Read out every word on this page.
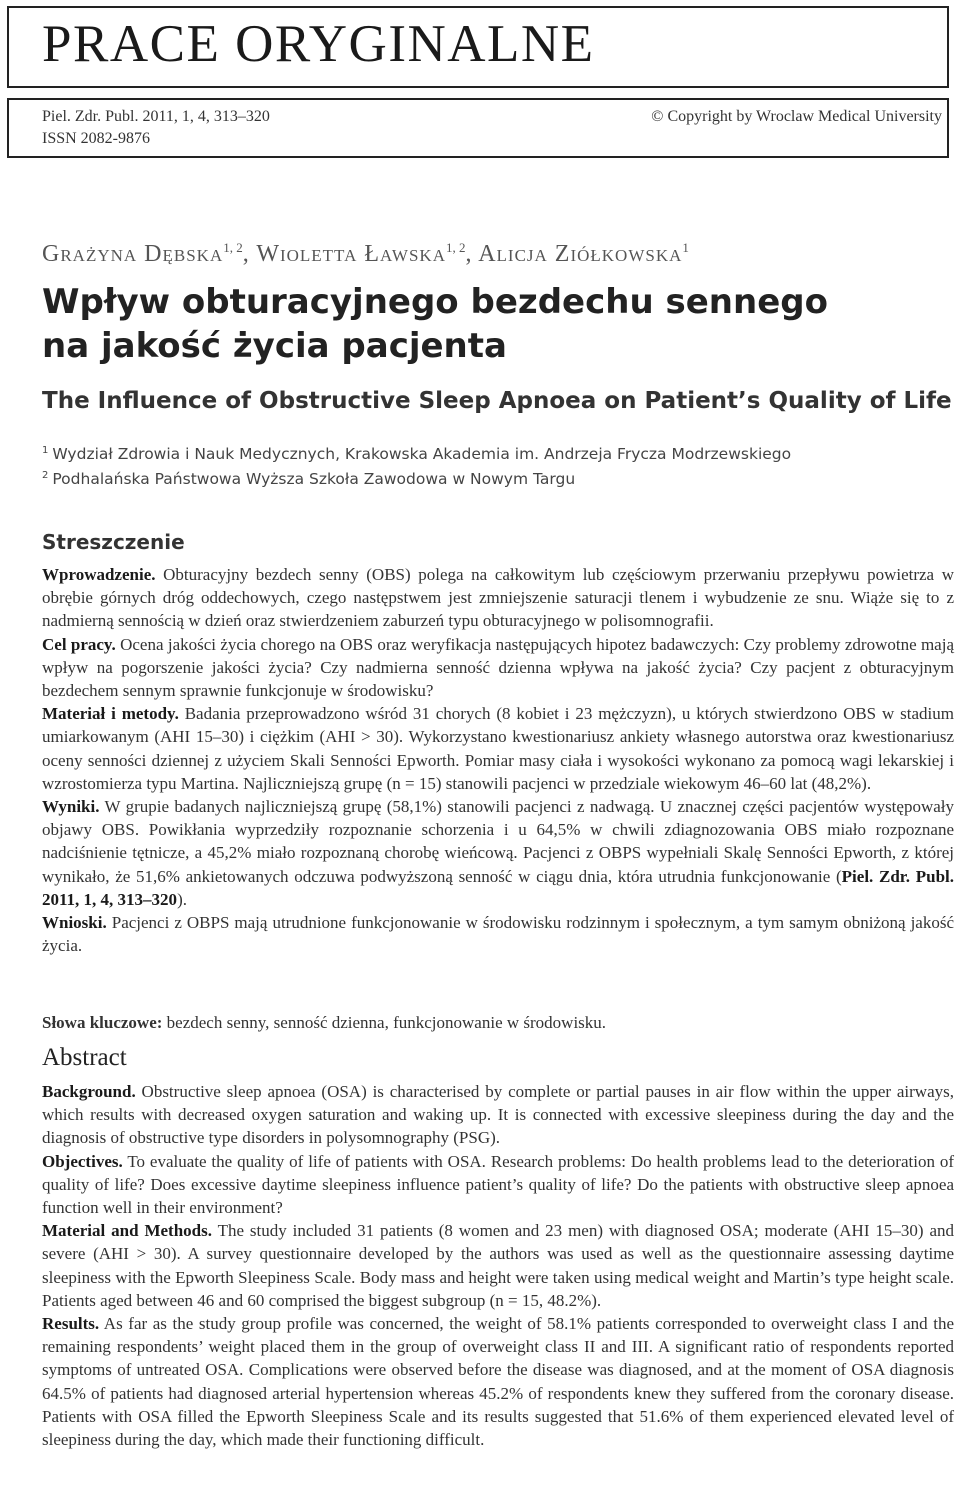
PRACE ORYGINALNE
Piel. Zdr. Publ. 2011, 1, 4, 313–320
ISSN 2082-9876
© Copyright by Wroclaw Medical University
Grażyna Dębska$^{1, 2}$, Wioletta Ławska$^{1, 2}$, Alicja Ziółkowska$^1$
Wpływ obturacyjnego bezdechu sennego
na jakość życia pacjenta
The Influence of Obstructive Sleep Apnoea on Patient’s Quality of Life
$^1$ Wydział Zdrowia i Nauk Medycznych, Krakowska Akademia im. Andrzeja Frycza Modrzewskiego
$^2$ Podhalańska Państwowa Wyższa Szkoła Zawodowa w Nowym Targu
Streszczenie

Wprowadzenie. Obturacyjny bezdech senny (OBS) polega na całkowitym lub częściowym przerwaniu przepływu powietrza w obrębie górnych dróg oddechowych, czego następstwem jest zmniejszenie saturacji tlenem i wybudzenie ze snu. Wiąże się to z nadmierną sennością w dzień oraz stwierdzeniem zaburzeń typu obturacyjnego w polisomnografii.

Cel pracy. Ocena jakości życia chorego na OBS oraz weryfikacja następujących hipotez badawczych: Czy problemy zdrowotne mają wpływ na pogorszenie jakości życia? Czy nadmierna senność dzienna wpływa na jakość życia? Czy pacjent z obturacyjnym bezdechem sennym sprawnie funkcjonuje w środowisku?

Materiał i metody. Badania przeprowadzono wśród 31 chorych (8 kobiet i 23 mężczyzn), u których stwierdzono OBS w stadium umiarkowanym (AHI 15–30) i ciężkim (AHI > 30). Wykorzystano kwestionariusz ankiety własnego autorstwa oraz kwestionariusz oceny senności dziennej z użyciem Skali Senności Epworth. Pomiar masy ciała i wysokości wykonano za pomocą wagi lekarskiej i wzrostomierza typu Martina. Najliczniejszą grupę (n = 15) stanowili pacjenci w przedziale wiekowym 46–60 lat (48,2%).

Wyniki. W grupie badanych najliczniejszą grupę (58,1%) stanowili pacjenci z nadwagą. U znacznej części pacjentów występowały objawy OBS. Powikłania wyprzedziły rozpoznanie schorzenia i u 64,5% w chwili zdiagnozowania OBS miało rozpoznane nadciśnienie tętnicze, a 45,2% miało rozpoznaną chorobę wieńcową. Pacjenci z OBPS wypełniali Skalę Senności Epworth, z której wynikało, że 51,6% ankietowanych odczuwa podwyższoną senność w ciągu dnia, która utrudnia funkcjonowanie (Piel. Zdr. Publ. 2011, 1, 4, 313–320).

Wnioski. Pacjenci z OBPS mają utrudnione funkcjonowanie w środowisku rodzinnym i społecznym, a tym samym obniżoną jakość życia.

Słowa kluczowe: bezdech senny, senność dzienna, funkcjonowanie w środowisku.
Abstract

Background. Obstructive sleep apnoea (OSA) is characterised by complete or partial pauses in air flow within the upper airways, which results with decreased oxygen saturation and waking up. It is connected with excessive sleepiness during the day and the diagnosis of obstructive type disorders in polysomnography (PSG).

Objectives. To evaluate the quality of life of patients with OSA. Research problems: Do health problems lead to the deterioration of quality of life? Does excessive daytime sleepiness influence patient’s quality of life? Do the patients with obstructive sleep apnoea function well in their environment?

Material and Methods. The study included 31 patients (8 women and 23 men) with diagnosed OSA; moderate (AHI 15–30) and severe (AHI > 30). A survey questionnaire developed by the authors was used as well as the questionnaire assessing daytime sleepiness with the Epworth Sleepiness Scale. Body mass and height were taken using medical weight and Martin’s type height scale. Patients aged between 46 and 60 comprised the biggest subgroup (n = 15, 48.2%).

Results. As far as the study group profile was concerned, the weight of 58.1% patients corresponded to overweight class I and the remaining respondents’ weight placed them in the group of overweight class II and III. A significant ratio of respondents reported symptoms of untreated OSA. Complications were observed before the disease was diagnosed, and at the moment of OSA diagnosis 64.5% of patients had diagnosed arterial hypertension whereas 45.2% of respondents knew they suffered from the coronary disease. Patients with OSA filled the Epworth Sleepiness Scale and its results suggested that 51.6% of them experienced elevated level of sleepiness during the day, which made their functioning difficult.
